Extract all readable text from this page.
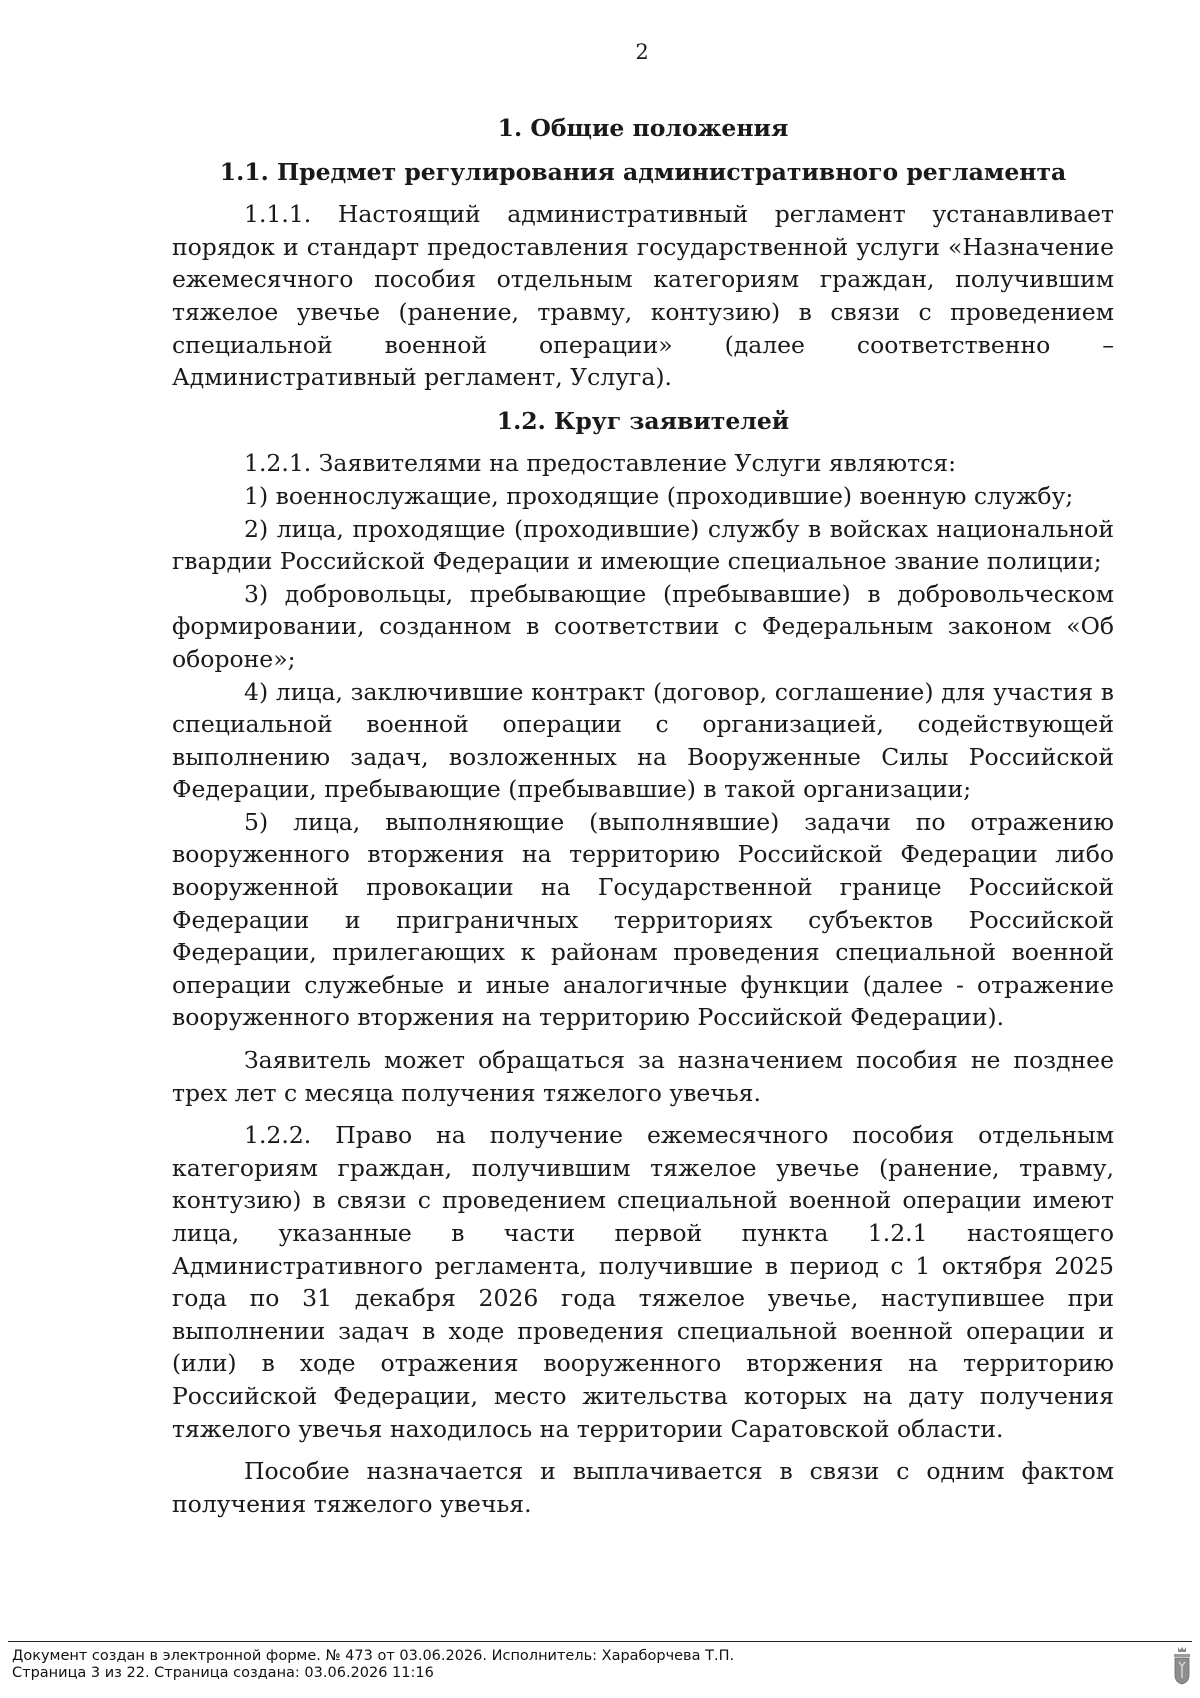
2
1. Общие положения
1.1. Предмет регулирования административного регламента

1.1.1. Настоящий административный регламент устанавливает порядок и стандарт предоставления государственной услуги «Назначение ежемесячного пособия отдельным категориям граждан, получившим тяжелое увечье (ранение, травму, контузию) в связи с проведением специальной военной операции» (далее соответственно – Административный регламент, Услуга).

1.2. Круг заявителей

1.2.1. Заявителями на предоставление Услуги являются:

1) военнослужащие, проходящие (проходившие) военную службу;

2) лица, проходящие (проходившие) службу в войсках национальной гвардии Российской Федерации и имеющие специальное звание полиции;

3) добровольцы, пребывающие (пребывавшие) в добровольческом формировании, созданном в соответствии с Федеральным законом «Об обороне»;

4) лица, заключившие контракт (договор, соглашение) для участия в специальной военной операции с организацией, содействующей выполнению задач, возложенных на Вооруженные Силы Российской Федерации, пребывающие (пребывавшие) в такой организации;

5) лица, выполняющие (выполнявшие) задачи по отражению вооруженного вторжения на территорию Российской Федерации либо вооруженной провокации на Государственной границе Российской Федерации и приграничных территориях субъектов Российской Федерации, прилегающих к районам проведения специальной военной операции служебные и иные аналогичные функции (далее - отражение вооруженного вторжения на территорию Российской Федерации).

Заявитель может обращаться за назначением пособия не позднее трех лет с месяца получения тяжелого увечья.

1.2.2. Право на получение ежемесячного пособия отдельным категориям граждан, получившим тяжелое увечье (ранение, травму, контузию) в связи с проведением специальной военной операции имеют лица, указанные в части первой пункта 1.2.1 настоящего Административного регламента, получившие в период с 1 октября 2025 года по 31 декабря 2026 года тяжелое увечье, наступившее при выполнении задач в ходе проведения специальной военной операции и (или) в ходе отражения вооруженного вторжения на территорию Российской Федерации, место жительства которых на дату получения тяжелого увечья находилось на территории Саратовской области.

Пособие назначается и выплачивается в связи с одним фактом получения тяжелого увечья.

Документ создан в электронной форме. № 473 от 03.06.2026. Исполнитель: Хараборчева Т.П.
Страница 3 из 22. Страница создана: 03.06.2026 11:16
